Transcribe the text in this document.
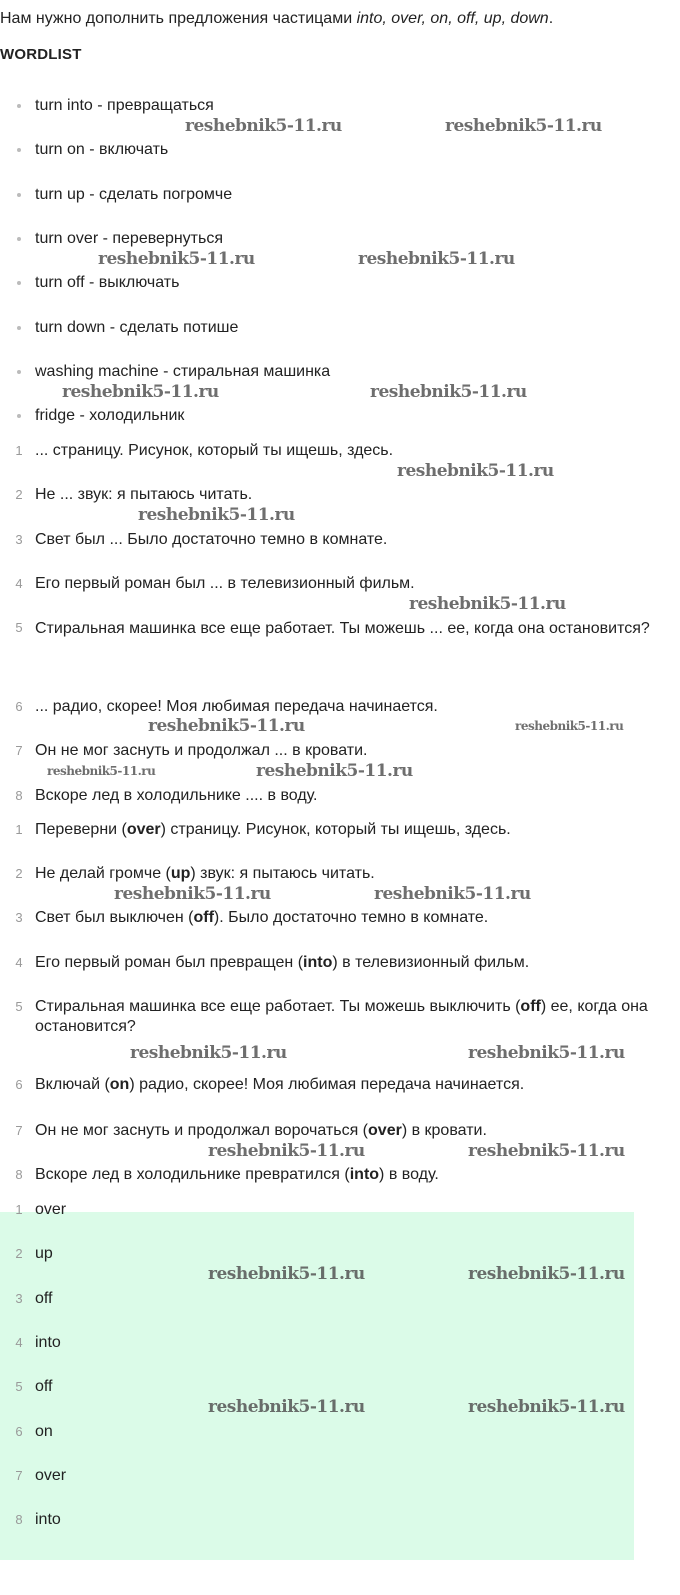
Нам нужно дополнить предложения частицами into, over, on, off, up, down.
WORDLIST
turn into - превращаться
turn on - включать
turn up - сделать погромче
turn over - перевернуться
turn off - выключать
turn down - сделать потише
washing machine - стиральная машинка
fridge - холодильник
1 ... страницу. Рисунок, который ты ищешь, здесь.
2 Не ... звук: я пытаюсь читать.
3 Свет был ... Было достаточно темно в комнате.
4 Его первый роман был ... в телевизионный фильм.
5 Стиральная машинка все еще работает. Ты можешь ... ее, когда она остановится?
6 ... радио, скорее! Моя любимая передача начинается.
7 Он не мог заснуть и продолжал ... в кровати.
8 Вскоре лед в холодильнике .... в воду.
1 Переверни (over) страницу. Рисунок, который ты ищешь, здесь.
2 Не делай громче (up) звук: я пытаюсь читать.
3 Свет был выключен (off). Было достаточно темно в комнате.
4 Его первый роман был превращен (into) в телевизионный фильм.
5 Стиральная машинка все еще работает. Ты можешь выключить (off) ее, когда она остановится?
6 Включай (on) радио, скорее! Моя любимая передача начинается.
7 Он не мог заснуть и продолжал ворочаться (over) в кровати.
8 Вскоре лед в холодильнике превратился (into) в воду.
1 over
2 up
3 off
4 into
5 off
6 on
7 over
8 into
reshebnik5-11.ru	reshebnik5-11.ru
reshebnik5-11.ru	reshebnik5-11.ru
reshebnik5-11.ru
reshebnik5-11.ru
reshebnik5-11.ru
reshebnik5-11.ru
reshebnik5-11.ru
reshebnik5-11.ru	reshebnik5-11.ru
reshebnik5-11.ru
reshebnik5-11.ru
reshebnik5-11.ru	reshebnik5-11.ru
reshebnik5-11.ru	reshebnik5-11.ru
reshebnik5-11.ru	reshebnik5-11.ru
reshebnik5-11.ru	reshebnik5-11.ru
reshebnik5-11.ru	reshebnik5-11.ru
